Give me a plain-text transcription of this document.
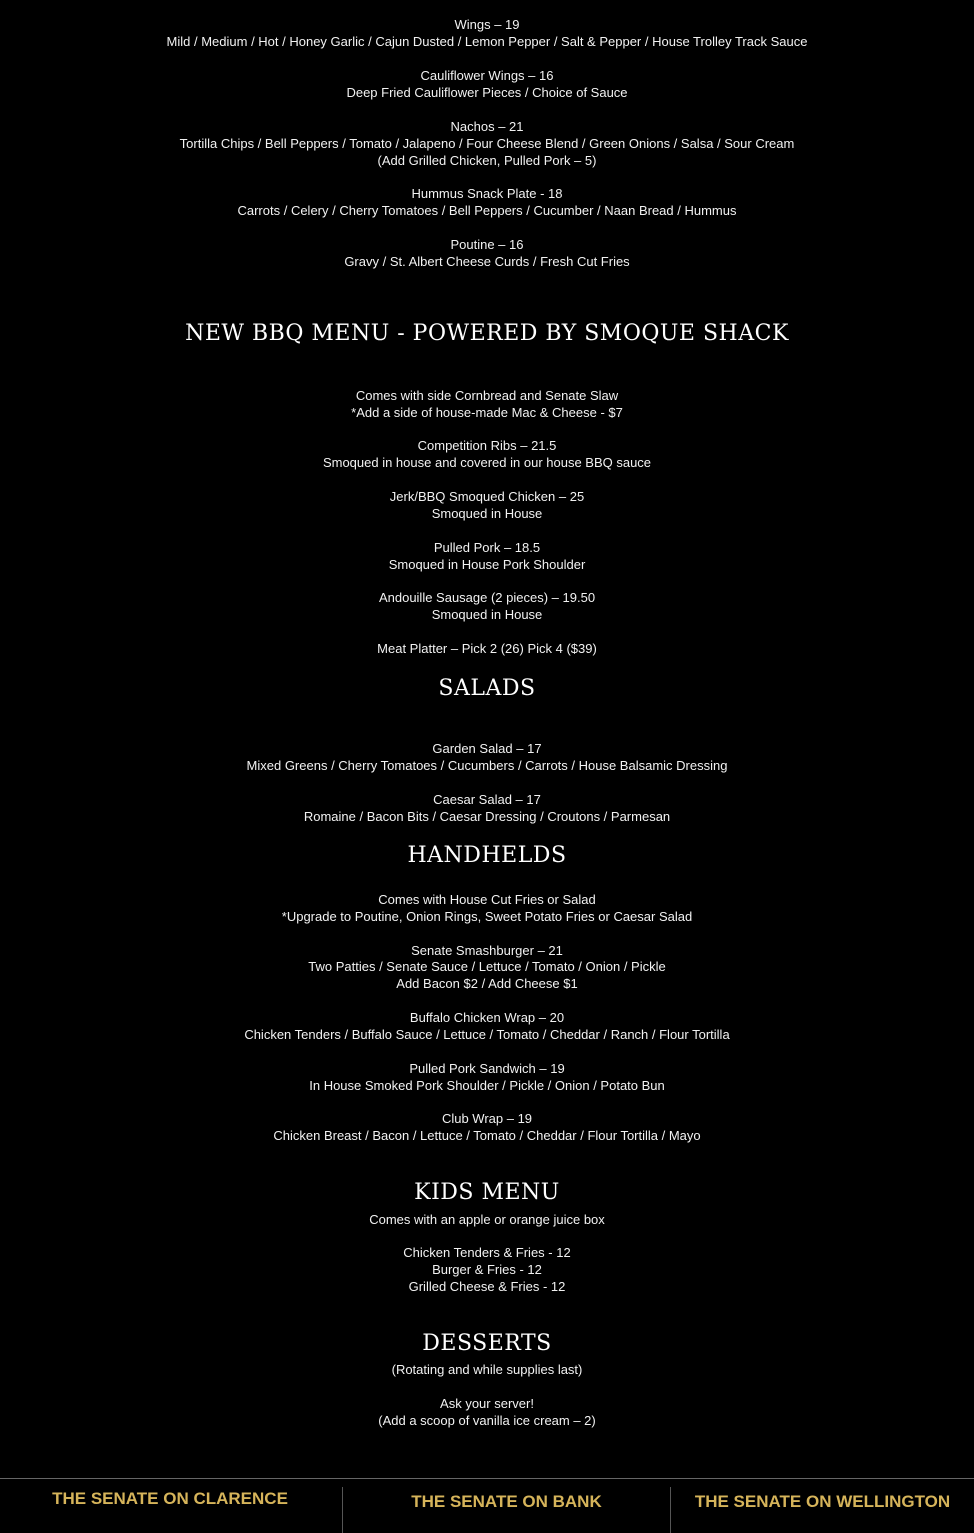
Wings – 19
Mild / Medium / Hot / Honey Garlic / Cajun Dusted / Lemon Pepper / Salt & Pepper / House Trolley Track Sauce
Cauliflower Wings – 16
Deep Fried Cauliflower Pieces / Choice of Sauce
Nachos – 21
Tortilla Chips / Bell Peppers / Tomato / Jalapeno / Four Cheese Blend / Green Onions / Salsa / Sour Cream
(Add Grilled Chicken, Pulled Pork – 5)
Hummus Snack Plate - 18
Carrots / Celery / Cherry Tomatoes / Bell Peppers / Cucumber / Naan Bread / Hummus
Poutine – 16
Gravy / St. Albert Cheese Curds / Fresh Cut Fries
NEW BBQ MENU - POWERED BY SMOQUE SHACK
Comes with side Cornbread and Senate Slaw
*Add a side of house-made Mac & Cheese - $7
Competition Ribs – 21.5
Smoqued in house and covered in our house BBQ sauce
Jerk/BBQ Smoqued Chicken – 25
Smoqued in House
Pulled Pork – 18.5
Smoqued in House Pork Shoulder
Andouille Sausage (2 pieces) – 19.50
Smoqued in House
Meat Platter – Pick 2 (26) Pick 4 ($39)
SALADS
Garden Salad – 17
Mixed Greens / Cherry Tomatoes / Cucumbers / Carrots / House Balsamic Dressing
Caesar Salad – 17
Romaine / Bacon Bits / Caesar Dressing / Croutons / Parmesan
HANDHELDS
Comes with House Cut Fries or Salad
*Upgrade to Poutine, Onion Rings, Sweet Potato Fries or Caesar Salad
Senate Smashburger – 21
Two Patties / Senate Sauce / Lettuce / Tomato / Onion / Pickle
Add Bacon $2 / Add Cheese $1
Buffalo Chicken Wrap – 20
Chicken Tenders / Buffalo Sauce / Lettuce / Tomato / Cheddar / Ranch / Flour Tortilla
Pulled Pork Sandwich – 19
In House Smoked Pork Shoulder / Pickle / Onion / Potato Bun
Club Wrap – 19
Chicken Breast / Bacon / Lettuce / Tomato / Cheddar / Flour Tortilla / Mayo
KIDS MENU
Comes with an apple or orange juice box
Chicken Tenders & Fries - 12
Burger & Fries - 12
Grilled Cheese & Fries - 12
DESSERTS
(Rotating and while supplies last)
Ask your server!
(Add a scoop of vanilla ice cream – 2)
THE SENATE ON CLARENCE	THE SENATE ON BANK	THE SENATE ON WELLINGTON
